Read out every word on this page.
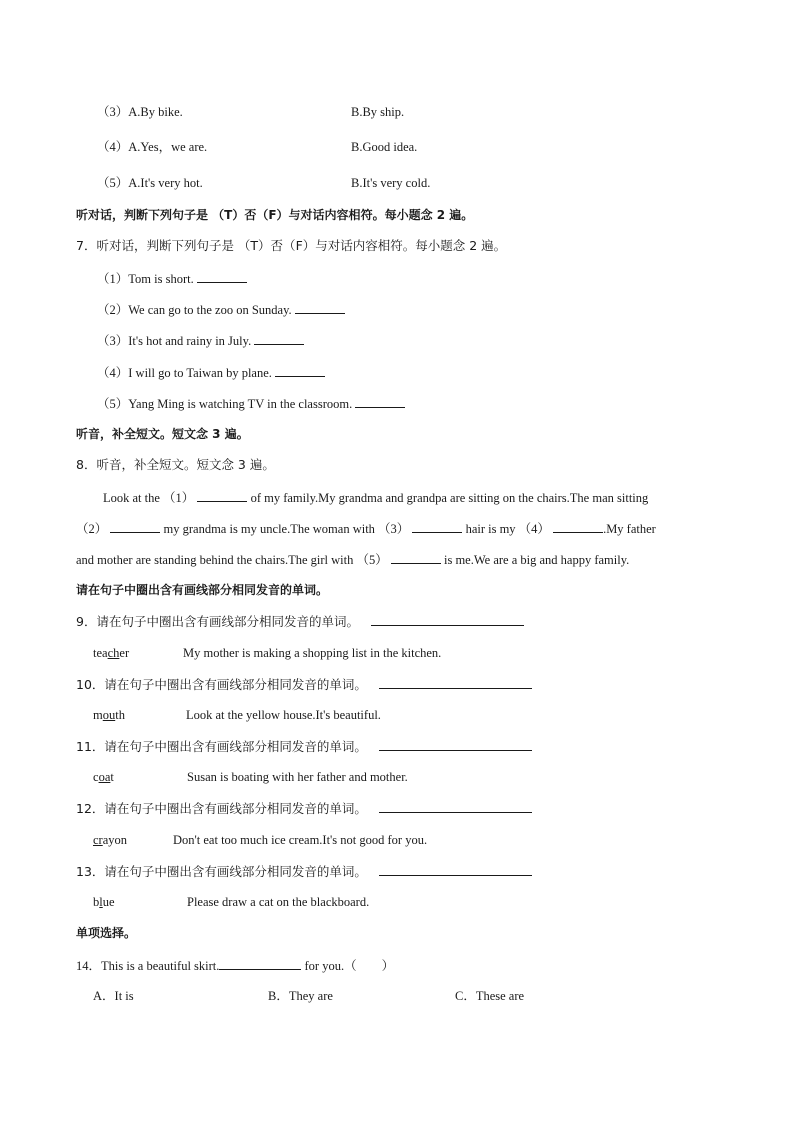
（3）A.By bike.	B.By ship.
（4）A.Yes，we are.	B.Good idea.
（5）A.It's very hot.	B.It's very cold.
听对话，判断下列句子是 （T）否（F）与对话内容相符。每小题念 2 遍。
7．听对话，判断下列句子是 （T）否（F）与对话内容相符。每小题念 2 遍。
（1）Tom is short.
（2）We can go to the zoo on Sunday.
（3）It's hot and rainy in July.
（4）I will go to Taiwan by plane.
（5）Yang Ming is watching TV in the classroom.
听音，补全短文。短文念 3 遍。
8．听音，补全短文。短文念 3 遍。
Look at the （1）	of my family.My grandma and grandpa are sitting on the chairs.The man sitting
（2）	my grandma is my uncle.The woman with （3）	hair is my （4）	.My father
and mother are standing behind the chairs.The girl with （5）	is me.We are a big and happy family.
请在句子中圈出含有画线部分相同发音的单词。
9．请在句子中圈出含有画线部分相同发音的单词。
teacher	My mother is making a shopping list in the kitchen.
10．请在句子中圈出含有画线部分相同发音的单词。
mouth	Look at the yellow house.It's beautiful.
11．请在句子中圈出含有画线部分相同发音的单词。
coat	Susan is boating with her father and mother.
12．请在句子中圈出含有画线部分相同发音的单词。
crayon	Don't eat too much ice cream.It's not good for you.
13．请在句子中圈出含有画线部分相同发音的单词。
blue	Please draw a cat on the blackboard.
单项选择。
14．This is a beautiful skirt.	for you.（　　）
A．It is	B．They are	C．These are
